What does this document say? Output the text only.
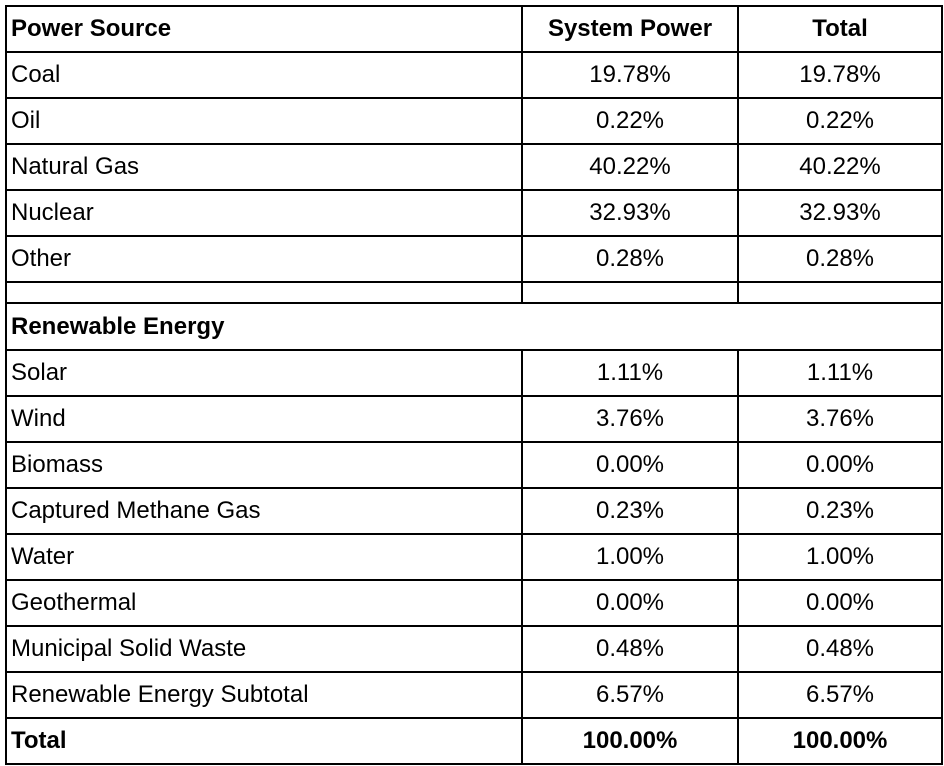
Power Source	System Power	Total
Coal	19.78%	19.78%
Oil	0.22%	0.22%
Natural Gas	40.22%	40.22%
Nuclear	32.93%	32.93%
Other	0.28%	0.28%

Renewable Energy		
Solar	1.11%	1.11%
Wind	3.76%	3.76%
Biomass	0.00%	0.00%
Captured Methane Gas	0.23%	0.23%
Water	1.00%	1.00%
Geothermal	0.00%	0.00%
Municipal Solid Waste	0.48%	0.48%
Renewable Energy Subtotal	6.57%	6.57%
Total	100.00%	100.00%
